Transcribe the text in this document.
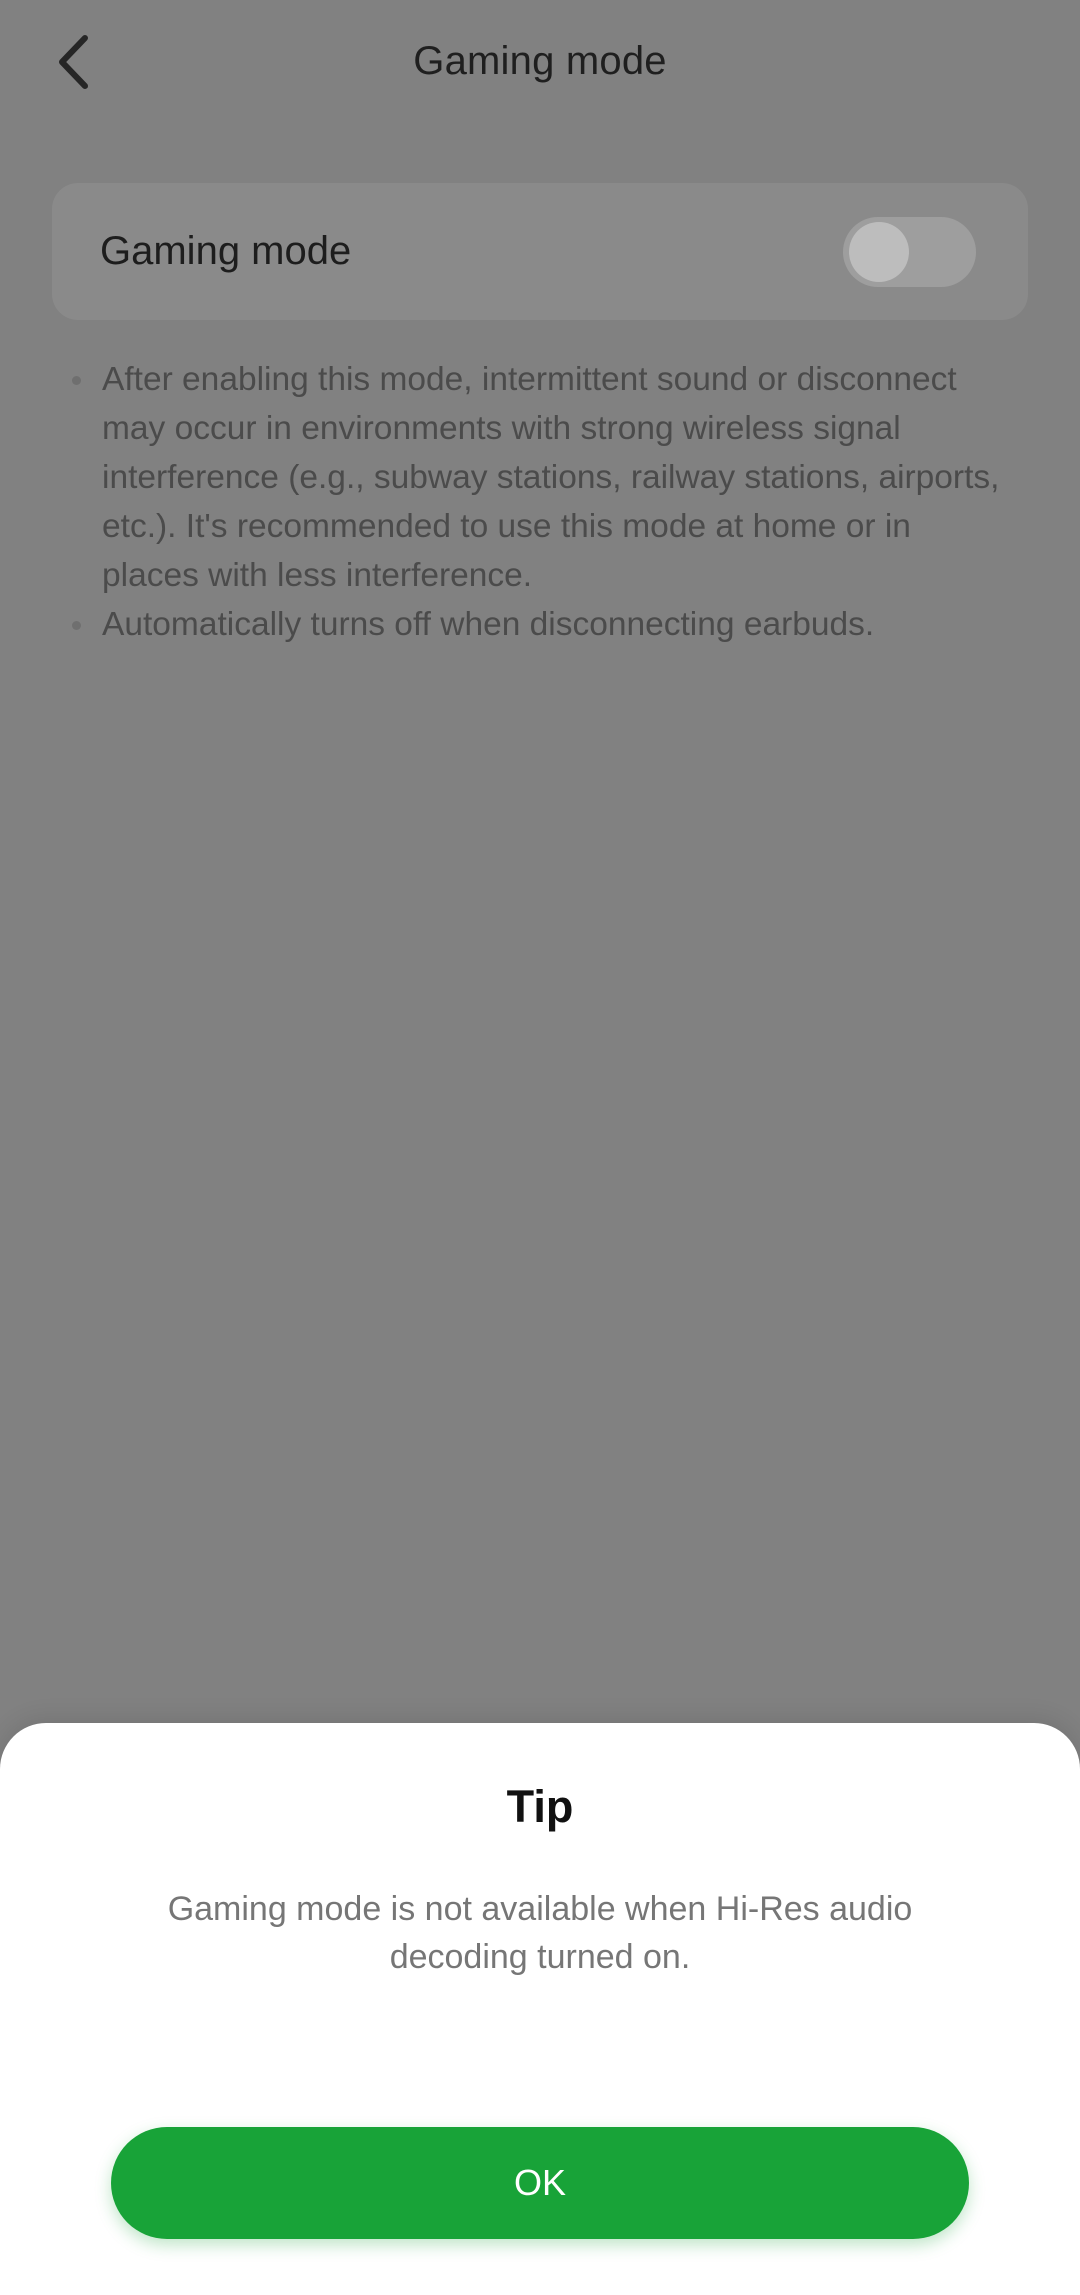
Gaming mode
Gaming mode
After enabling this mode, intermittent sound or disconnect may occur in environments with strong wireless signal interference (e.g., subway stations, railway stations, airports, etc.). It's recommended to use this mode at home or in places with less interference.
Automatically turns off when disconnecting earbuds.
Tip
Gaming mode is not available when Hi-Res audio decoding turned on.
OK
